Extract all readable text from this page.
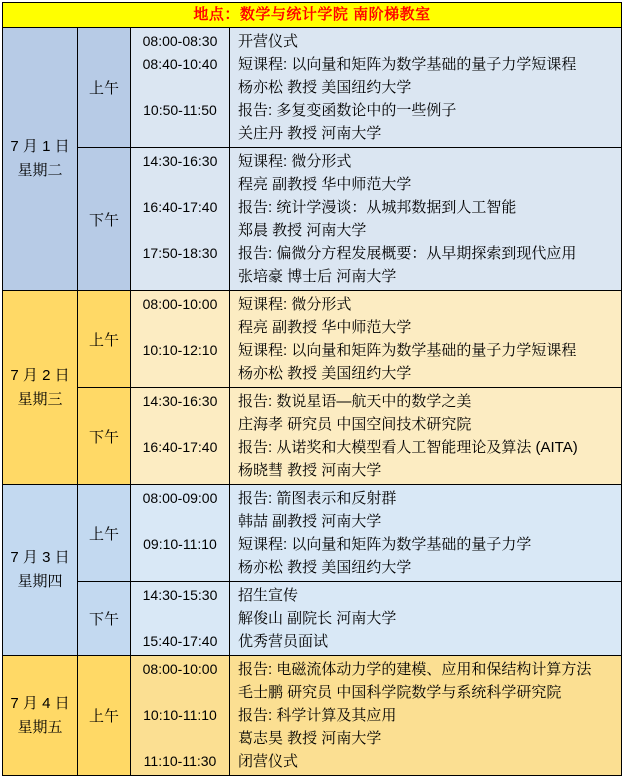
地点：数学与统计学院 南阶梯教室
7 月 1 日
星期二
上午
08:00-08:30
08:40-10:40
10:50-11:50
开营仪式
短课程: 以向量和矩阵为数学基础的量子力学短课程
杨亦松 教授 美国纽约大学
报告: 多复变函数论中的一些例子
关庄丹 教授 河南大学
下午
14:30-16:30
16:40-17:40
17:50-18:30
短课程: 微分形式
程亮 副教授 华中师范大学
报告: 统计学漫谈：从城邦数据到人工智能
郑晨 教授 河南大学
报告: 偏微分方程发展概要：从早期探索到现代应用
张培豪 博士后 河南大学
7 月 2 日
星期三
上午
08:00-10:00
10:10-12:10
短课程: 微分形式
程亮 副教授 华中师范大学
短课程: 以向量和矩阵为数学基础的量子力学短课程
杨亦松 教授 美国纽约大学
下午
14:30-16:30
16:40-17:40
报告: 数说星语—航天中的数学之美
庄海孝 研究员 中国空间技术研究院
报告: 从诺奖和大模型看人工智能理论及算法 (AITA)
杨晓彗 教授 河南大学
7 月 3 日
星期四
上午
08:00-09:00
09:10-11:10
报告: 箭图表示和反射群
韩喆 副教授 河南大学
短课程: 以向量和矩阵为数学基础的量子力学
杨亦松 教授 美国纽约大学
下午
14:30-15:30
15:40-17:40
招生宣传
解俊山 副院长 河南大学
优秀营员面试
7 月 4 日
星期五
上午
08:00-10:00
10:10-11:10
11:10-11:30
报告: 电磁流体动力学的建模、应用和保结构计算方法
毛士鹏 研究员 中国科学院数学与系统科学研究院
报告: 科学计算及其应用
葛志昊 教授 河南大学
闭营仪式
